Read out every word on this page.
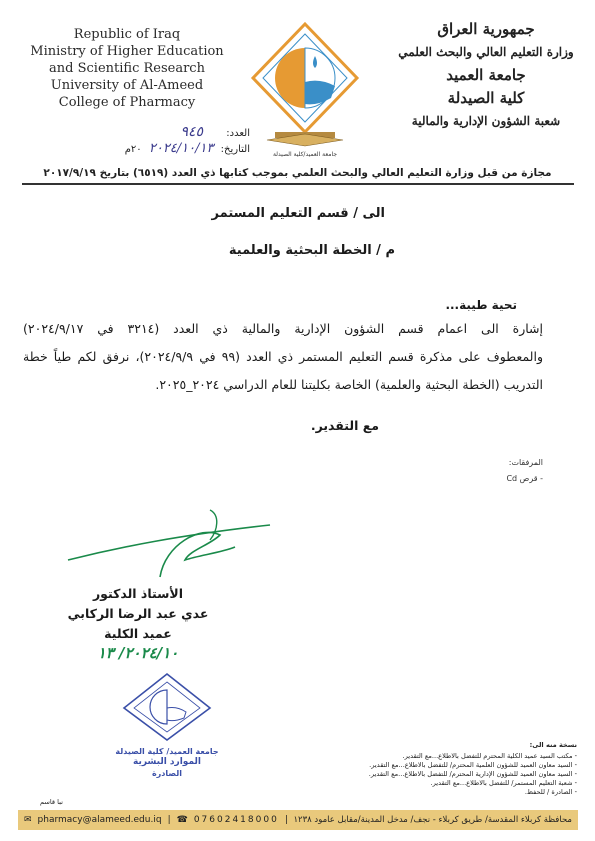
Republic of Iraq
Ministry of Higher Education
and Scientific Research
University of Al-Ameed
College of Pharmacy
جامعة العميد/كلية الصيدلة
جمهورية العراق
وزارة التعليم العالي والبحث العلمي
جامعة العميد
كلية الصيدلة
شعبة الشؤون الإدارية والمالية
العدد: ٩٤٥
التاريخ: ٢٠٢٤/١٠/١٣ ٢٠م
مجازة من قبل وزارة التعليم العالي والبحث العلمي بموجب كتابها ذي العدد (٦٥١٩) بتاريخ ٢٠١٧/٩/١٩
الى / قسم التعليم المستمر
م / الخطة البحثية والعلمية
تحية طيبة...
إشارة الى اعمام قسم الشؤون الإدارية والمالية ذي العدد (٣٢١٤ في ٢٠٢٤/٩/١٧)
والمعطوف على مذكرة قسم التعليم المستمر ذي العدد (٩٩ في ٢٠٢٤/٩/٩)، نرفق لكم طياً خطة
التدريب (الخطة البحثية والعلمية) الخاصة بكليتنا للعام الدراسي ٢٠٢٤_٢٠٢٥.
مع التقدير.
المرفقات:
- قرص Cd
الأستاذ الدكتور
عدي عبد الرضا الركابي
عميد الكلية
٢٠٢٤/١٠/ ١٣
جامعة العميد/ كلية الصيدلة
الموارد البشرية
الصادرة
نسخة منه الى:
- مكتب السيد عميد الكلية المحترم للتفضل بالاطلاع...مع التقدير.
- السيد معاون العميد للشؤون العلمية المحترم/ للتفضل بالاطلاع...مع التقدير.
- السيد معاون العميد للشؤون الإدارية المحترم/ للتفضل بالاطلاع...مع التقدير.
- شعبة التعليم المستمر/ للتفضل بالاطلاع...مع التقدير.
- الصادرة / للحفظ.
نبا قاسم
✉ pharmacy@alameed.edu.iq | ☎ 07602418000 | محافظة كربلاء المقدسة/ طريق كربلاء - نجف/ مدخل المدينة/مقابل عامود ١٢٣٨
